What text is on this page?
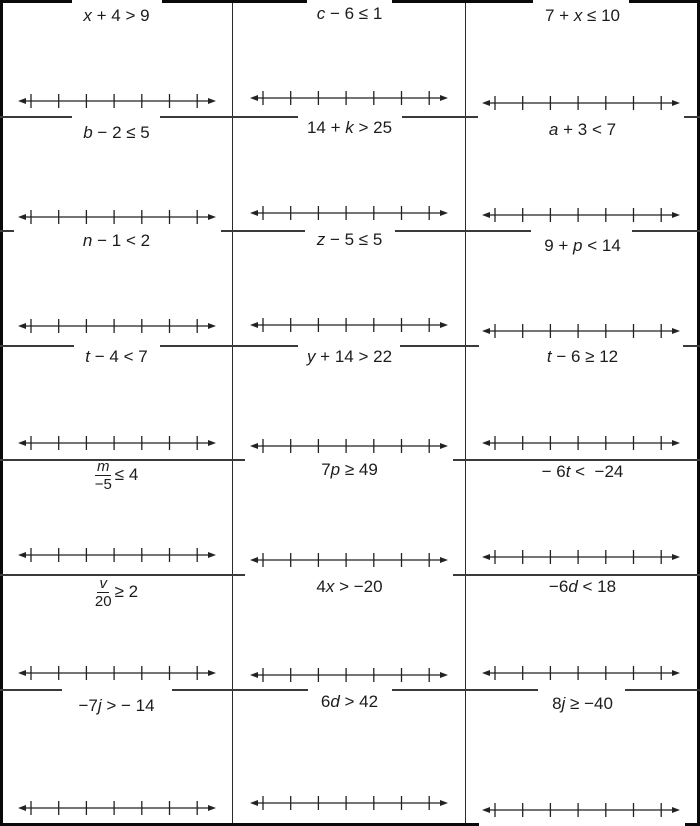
x + 4 > 9	c − 6 ≤ 1	7 + x ≤ 10
b − 2 ≤ 5	14 + k > 25	a + 3 < 7
n − 1 < 2	z − 5 ≤ 5	9 + p < 14
t − 4 < 7	y + 14 > 22	t − 6 ≥ 12
$\frac{m}{-5} \le 4$	7p ≥ 49	− 6t <  −24
$\frac{v}{20} \ge 2$	4x > −20	−6d < 18
−7j > − 14	6d > 42	8j ≥ −40
